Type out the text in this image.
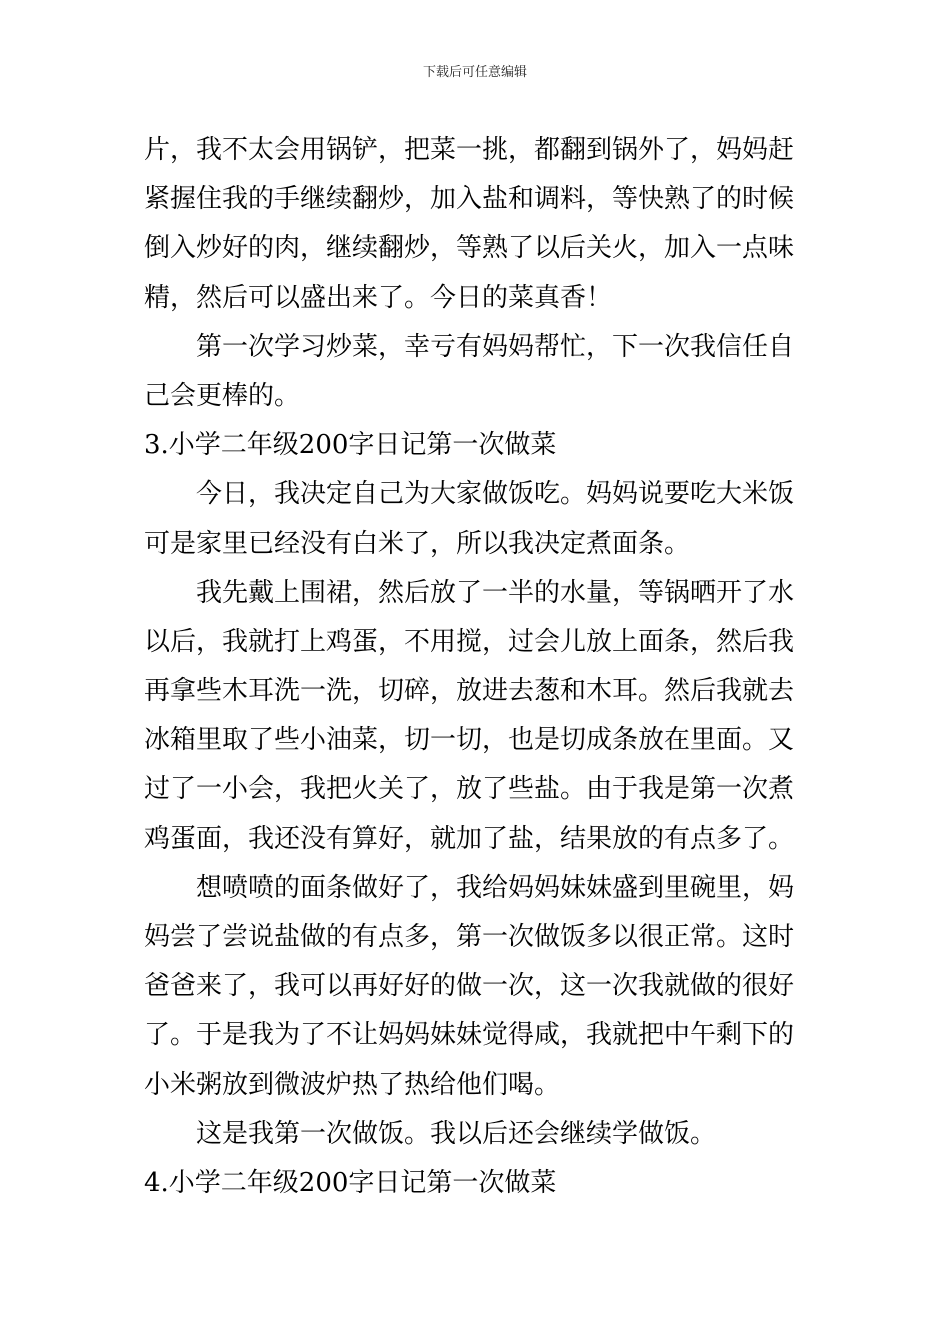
下载后可任意编辑
片，我不太会用锅铲，把菜一挑，都翻到锅外了，妈妈赶
紧握住我的手继续翻炒，加入盐和调料，等快熟了的时候
倒入炒好的肉，继续翻炒，等熟了以后关火，加入一点味
精，然后可以盛出来了。今日的菜真香！
第一次学习炒菜，幸亏有妈妈帮忙，下一次我信任自
己会更棒的。
3.小学二年级200字日记第一次做菜
今日，我决定自己为大家做饭吃。妈妈说要吃大米饭
可是家里已经没有白米了，所以我决定煮面条。
我先戴上围裙，然后放了一半的水量，等锅晒开了水
以后，我就打上鸡蛋，不用搅，过会儿放上面条，然后我
再拿些木耳洗一洗，切碎，放进去葱和木耳。然后我就去
冰箱里取了些小油菜，切一切，也是切成条放在里面。又
过了一小会，我把火关了，放了些盐。由于我是第一次煮
鸡蛋面，我还没有算好，就加了盐，结果放的有点多了。
想喷喷的面条做好了，我给妈妈妹妹盛到里碗里，妈
妈尝了尝说盐做的有点多，第一次做饭多以很正常。这时
爸爸来了，我可以再好好的做一次，这一次我就做的很好
了。于是我为了不让妈妈妹妹觉得咸，我就把中午剩下的
小米粥放到微波炉热了热给他们喝。
这是我第一次做饭。我以后还会继续学做饭。
4.小学二年级200字日记第一次做菜
